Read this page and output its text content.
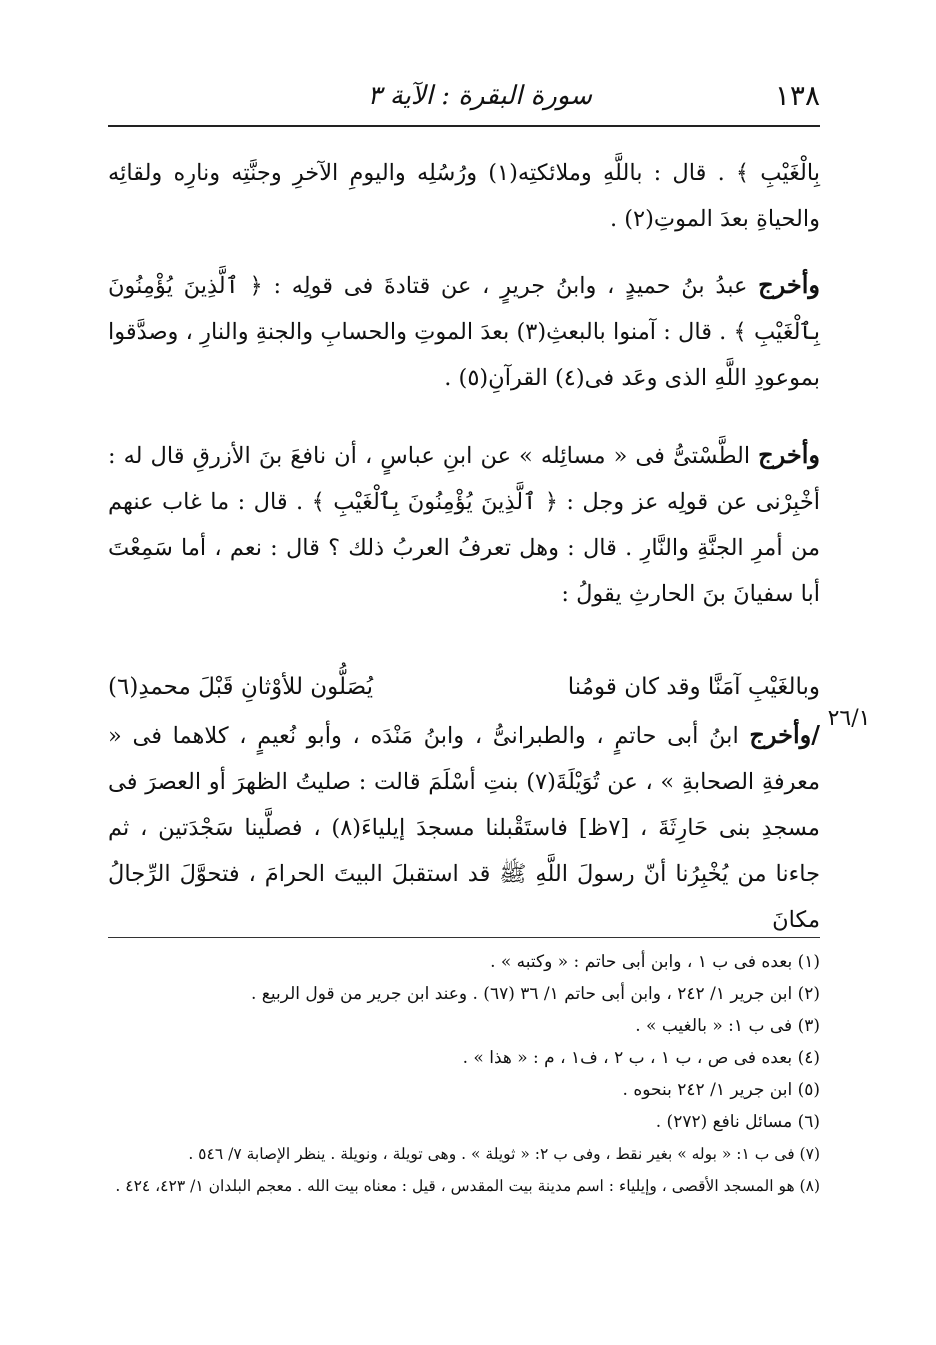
١٣٨
سورة البقرة : الآية ٣
بِالْغَيْبِ ﴾ . قال : باللَّهِ وملائكتِه(١) ورُسُلِه واليومِ الآخرِ وجنَّتِه ونارِه ولقائِه والحياةِ بعدَ الموتِ(٢) .
وأخرج عبدُ بنُ حميدٍ ، وابنُ جريرٍ ، عن قتادةَ فى قولِه : ﴿ ٱلَّذِينَ يُؤْمِنُونَ بِٱلْغَيْبِ ﴾ . قال : آمنوا بالبعثِ(٣) بعدَ الموتِ والحسابِ والجنةِ والنارِ ، وصدَّقوا بموعودِ اللَّهِ الذى وعَد فى(٤) القرآنِ(٥) .
وأخرج الطَّسْتىُّ فى « مسائِله » عن ابنِ عباسٍ ، أن نافعَ بنَ الأزرقِ قال له : أخْبِرْنى عن قولِه عز وجل : ﴿ ٱلَّذِينَ يُؤْمِنُونَ بِٱلْغَيْبِ ﴾ . قال : ما غاب عنهم من أمرِ الجنَّةِ والنَّارِ . قال : وهل تعرفُ العربُ ذلك ؟ قال : نعم ، أما سَمِعْتَ أبا سفيانَ بنَ الحارثِ يقولُ :
وبالغَيْبِ آمَنَّا وقد كان قومُنا
يُصَلُّون للأوْثانِ قَبْلَ محمدِ(٦)
/وأخرج ابنُ أبى حاتمٍ ، والطبرانىُّ ، وابنُ مَنْدَه ، وأبو نُعيمٍ ، كلاهما فى « معرفةِ الصحابةِ » ، عن تُوَيْلَةَ(٧) بنتِ أسْلَمَ قالت : صليتُ الظهرَ أو العصرَ فى مسجدِ بنى حَارِثَةَ ، [٧ظ] فاستَقْبلنا مسجدَ إيلياءَ(٨) ، فصلَّينا سَجْدَتين ، ثم جاءنا من يُخْبِرُنا أنّ رسولَ اللَّهِ ﷺ قد استقبلَ البيتَ الحرامَ ، فتحوَّلَ الرِّجالُ مكانَ
٢٦/١
(١) بعده فى ب ١ ، وابن أبى حاتم : « وكتبه » .
(٢) ابن جرير ١/ ٢٤٢ ، وابن أبى حاتم ١/ ٣٦ (٦٧) . وعند ابن جرير من قول الربيع .
(٣) فى ب ١: « بالغيب » .
(٤) بعده فى ص ، ب ١ ، ب ٢ ، ف١ ، م : « هذا » .
(٥) ابن جرير ١/ ٢٤٢ بنحوه .
(٦) مسائل نافع (٢٧٢) .
(٧) فى ب ١: « بوله » بغير نقط ، وفى ب ٢: « ثويلة » . وهى تويلة ، ونويلة . ينظر الإصابة ٧/ ٥٤٦ .
(٨) هو المسجد الأقصى ، وإيلياء : اسم مدينة بيت المقدس ، قيل : معناه بيت الله . معجم البلدان ١/ ٤٢٣، ٤٢٤ .
